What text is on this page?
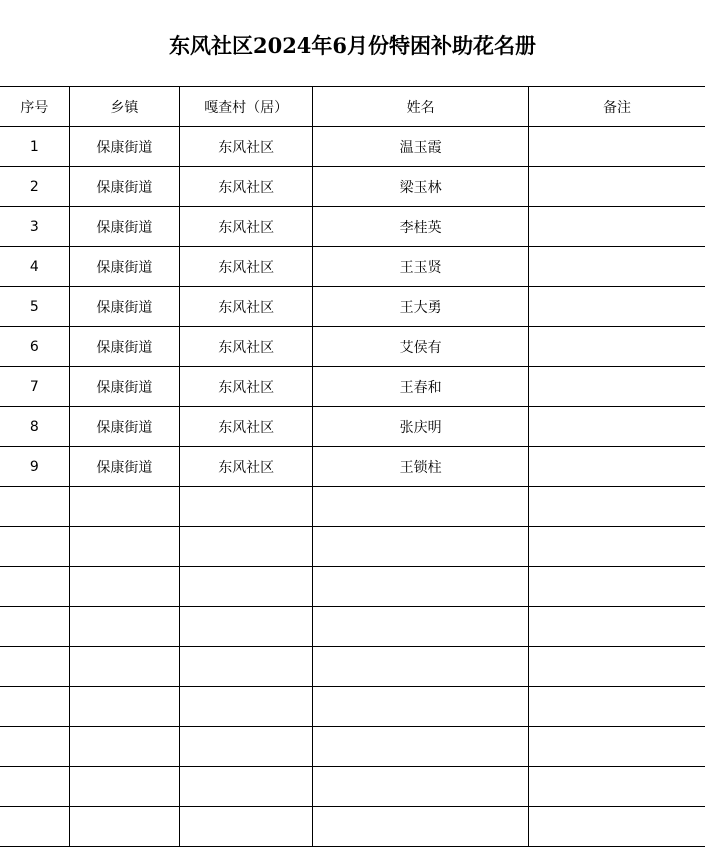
东风社区2024年6月份特困补助花名册
序号	乡镇	嘎查村（居）	姓名	备注
1	保康街道	东风社区	温玉霞	
2	保康街道	东风社区	梁玉林	
3	保康街道	东风社区	李桂英	
4	保康街道	东风社区	王玉贤	
5	保康街道	东风社区	王大勇	
6	保康街道	东风社区	艾侯有	
7	保康街道	东风社区	王春和	
8	保康街道	东风社区	张庆明	
9	保康街道	东风社区	王锁柱	
